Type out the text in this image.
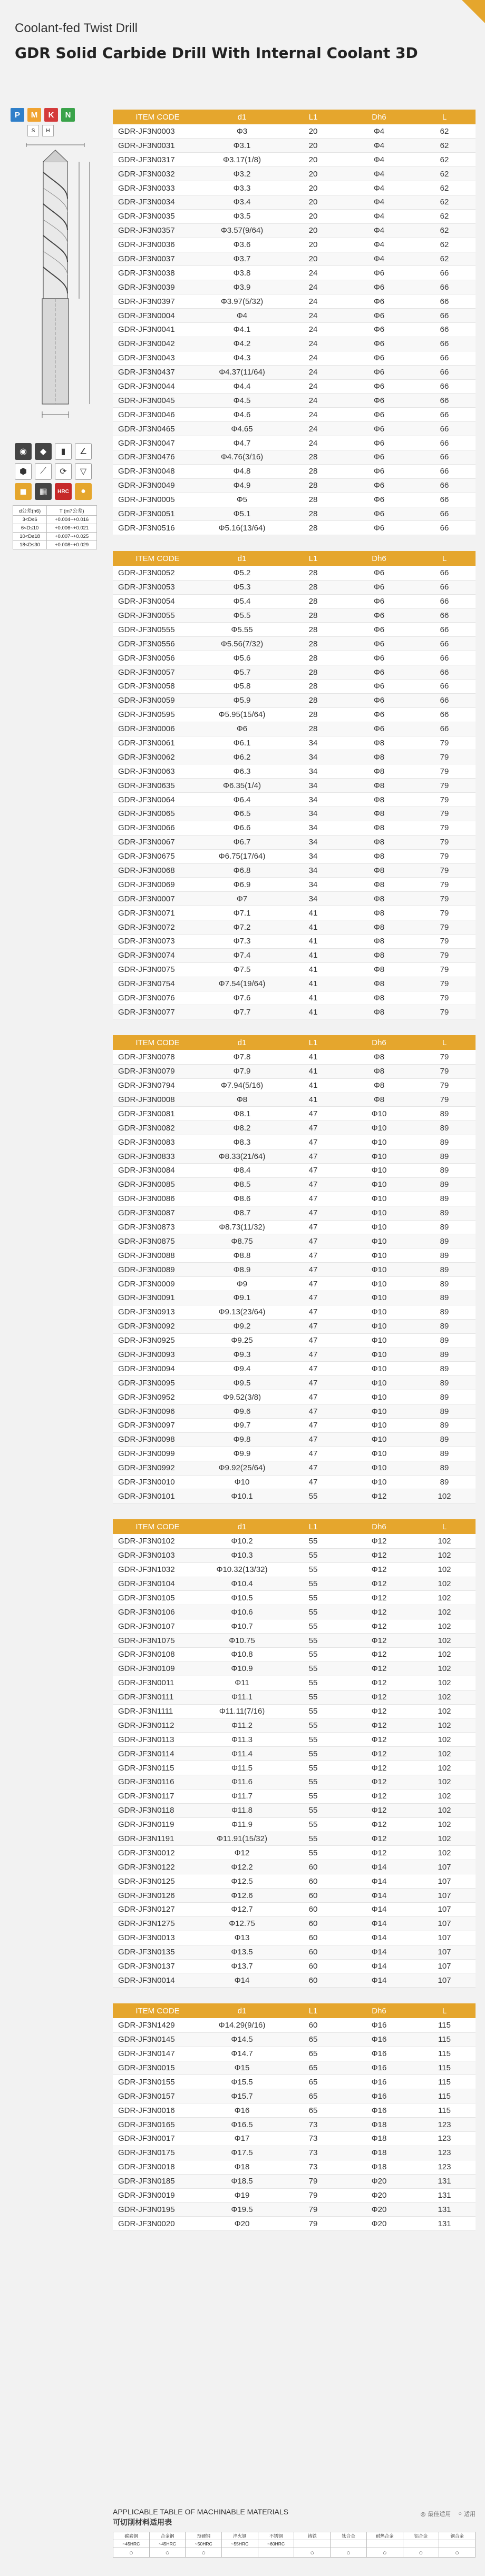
Coolant-fed Twist Drill
GDR Solid Carbide Drill With Internal Coolant 3D
P	M	K	N
S	H
◉	◆	▮	∠
⬢	⟋	⟳	▽
◼	▦	HRC	●
d公差(h6)	T (m7公差)
3<D≤6	+0.004~+0.016
6<D≤10	+0.006~+0.021
10<D≤18	+0.007~+0.025
18<D≤30	+0.008~+0.029
ITEM CODE	d1	L1	Dh6	L
GDR-JF3N0003	Φ3	20	Φ4	62
GDR-JF3N0031	Φ3.1	20	Φ4	62
GDR-JF3N0317	Φ3.17(1/8)	20	Φ4	62
GDR-JF3N0032	Φ3.2	20	Φ4	62
GDR-JF3N0033	Φ3.3	20	Φ4	62
GDR-JF3N0034	Φ3.4	20	Φ4	62
GDR-JF3N0035	Φ3.5	20	Φ4	62
GDR-JF3N0357	Φ3.57(9/64)	20	Φ4	62
GDR-JF3N0036	Φ3.6	20	Φ4	62
GDR-JF3N0037	Φ3.7	20	Φ4	62
GDR-JF3N0038	Φ3.8	24	Φ6	66
GDR-JF3N0039	Φ3.9	24	Φ6	66
GDR-JF3N0397	Φ3.97(5/32)	24	Φ6	66
GDR-JF3N0004	Φ4	24	Φ6	66
GDR-JF3N0041	Φ4.1	24	Φ6	66
GDR-JF3N0042	Φ4.2	24	Φ6	66
GDR-JF3N0043	Φ4.3	24	Φ6	66
GDR-JF3N0437	Φ4.37(11/64)	24	Φ6	66
GDR-JF3N0044	Φ4.4	24	Φ6	66
GDR-JF3N0045	Φ4.5	24	Φ6	66
GDR-JF3N0046	Φ4.6	24	Φ6	66
GDR-JF3N0465	Φ4.65	24	Φ6	66
GDR-JF3N0047	Φ4.7	24	Φ6	66
GDR-JF3N0476	Φ4.76(3/16)	28	Φ6	66
GDR-JF3N0048	Φ4.8	28	Φ6	66
GDR-JF3N0049	Φ4.9	28	Φ6	66
GDR-JF3N0005	Φ5	28	Φ6	66
GDR-JF3N0051	Φ5.1	28	Φ6	66
GDR-JF3N0516	Φ5.16(13/64)	28	Φ6	66
ITEM CODE	d1	L1	Dh6	L
GDR-JF3N0052	Φ5.2	28	Φ6	66
GDR-JF3N0053	Φ5.3	28	Φ6	66
GDR-JF3N0054	Φ5.4	28	Φ6	66
GDR-JF3N0055	Φ5.5	28	Φ6	66
GDR-JF3N0555	Φ5.55	28	Φ6	66
GDR-JF3N0556	Φ5.56(7/32)	28	Φ6	66
GDR-JF3N0056	Φ5.6	28	Φ6	66
GDR-JF3N0057	Φ5.7	28	Φ6	66
GDR-JF3N0058	Φ5.8	28	Φ6	66
GDR-JF3N0059	Φ5.9	28	Φ6	66
GDR-JF3N0595	Φ5.95(15/64)	28	Φ6	66
GDR-JF3N0006	Φ6	28	Φ6	66
GDR-JF3N0061	Φ6.1	34	Φ8	79
GDR-JF3N0062	Φ6.2	34	Φ8	79
GDR-JF3N0063	Φ6.3	34	Φ8	79
GDR-JF3N0635	Φ6.35(1/4)	34	Φ8	79
GDR-JF3N0064	Φ6.4	34	Φ8	79
GDR-JF3N0065	Φ6.5	34	Φ8	79
GDR-JF3N0066	Φ6.6	34	Φ8	79
GDR-JF3N0067	Φ6.7	34	Φ8	79
GDR-JF3N0675	Φ6.75(17/64)	34	Φ8	79
GDR-JF3N0068	Φ6.8	34	Φ8	79
GDR-JF3N0069	Φ6.9	34	Φ8	79
GDR-JF3N0007	Φ7	34	Φ8	79
GDR-JF3N0071	Φ7.1	41	Φ8	79
GDR-JF3N0072	Φ7.2	41	Φ8	79
GDR-JF3N0073	Φ7.3	41	Φ8	79
GDR-JF3N0074	Φ7.4	41	Φ8	79
GDR-JF3N0075	Φ7.5	41	Φ8	79
GDR-JF3N0754	Φ7.54(19/64)	41	Φ8	79
GDR-JF3N0076	Φ7.6	41	Φ8	79
GDR-JF3N0077	Φ7.7	41	Φ8	79
ITEM CODE	d1	L1	Dh6	L
GDR-JF3N0078	Φ7.8	41	Φ8	79
GDR-JF3N0079	Φ7.9	41	Φ8	79
GDR-JF3N0794	Φ7.94(5/16)	41	Φ8	79
GDR-JF3N0008	Φ8	41	Φ8	79
GDR-JF3N0081	Φ8.1	47	Φ10	89
GDR-JF3N0082	Φ8.2	47	Φ10	89
GDR-JF3N0083	Φ8.3	47	Φ10	89
GDR-JF3N0833	Φ8.33(21/64)	47	Φ10	89
GDR-JF3N0084	Φ8.4	47	Φ10	89
GDR-JF3N0085	Φ8.5	47	Φ10	89
GDR-JF3N0086	Φ8.6	47	Φ10	89
GDR-JF3N0087	Φ8.7	47	Φ10	89
GDR-JF3N0873	Φ8.73(11/32)	47	Φ10	89
GDR-JF3N0875	Φ8.75	47	Φ10	89
GDR-JF3N0088	Φ8.8	47	Φ10	89
GDR-JF3N0089	Φ8.9	47	Φ10	89
GDR-JF3N0009	Φ9	47	Φ10	89
GDR-JF3N0091	Φ9.1	47	Φ10	89
GDR-JF3N0913	Φ9.13(23/64)	47	Φ10	89
GDR-JF3N0092	Φ9.2	47	Φ10	89
GDR-JF3N0925	Φ9.25	47	Φ10	89
GDR-JF3N0093	Φ9.3	47	Φ10	89
GDR-JF3N0094	Φ9.4	47	Φ10	89
GDR-JF3N0095	Φ9.5	47	Φ10	89
GDR-JF3N0952	Φ9.52(3/8)	47	Φ10	89
GDR-JF3N0096	Φ9.6	47	Φ10	89
GDR-JF3N0097	Φ9.7	47	Φ10	89
GDR-JF3N0098	Φ9.8	47	Φ10	89
GDR-JF3N0099	Φ9.9	47	Φ10	89
GDR-JF3N0992	Φ9.92(25/64)	47	Φ10	89
GDR-JF3N0010	Φ10	47	Φ10	89
GDR-JF3N0101	Φ10.1	55	Φ12	102
ITEM CODE	d1	L1	Dh6	L
GDR-JF3N0102	Φ10.2	55	Φ12	102
GDR-JF3N0103	Φ10.3	55	Φ12	102
GDR-JF3N1032	Φ10.32(13/32)	55	Φ12	102
GDR-JF3N0104	Φ10.4	55	Φ12	102
GDR-JF3N0105	Φ10.5	55	Φ12	102
GDR-JF3N0106	Φ10.6	55	Φ12	102
GDR-JF3N0107	Φ10.7	55	Φ12	102
GDR-JF3N1075	Φ10.75	55	Φ12	102
GDR-JF3N0108	Φ10.8	55	Φ12	102
GDR-JF3N0109	Φ10.9	55	Φ12	102
GDR-JF3N0011	Φ11	55	Φ12	102
GDR-JF3N0111	Φ11.1	55	Φ12	102
GDR-JF3N1111	Φ11.11(7/16)	55	Φ12	102
GDR-JF3N0112	Φ11.2	55	Φ12	102
GDR-JF3N0113	Φ11.3	55	Φ12	102
GDR-JF3N0114	Φ11.4	55	Φ12	102
GDR-JF3N0115	Φ11.5	55	Φ12	102
GDR-JF3N0116	Φ11.6	55	Φ12	102
GDR-JF3N0117	Φ11.7	55	Φ12	102
GDR-JF3N0118	Φ11.8	55	Φ12	102
GDR-JF3N0119	Φ11.9	55	Φ12	102
GDR-JF3N1191	Φ11.91(15/32)	55	Φ12	102
GDR-JF3N0012	Φ12	55	Φ12	102
GDR-JF3N0122	Φ12.2	60	Φ14	107
GDR-JF3N0125	Φ12.5	60	Φ14	107
GDR-JF3N0126	Φ12.6	60	Φ14	107
GDR-JF3N0127	Φ12.7	60	Φ14	107
GDR-JF3N1275	Φ12.75	60	Φ14	107
GDR-JF3N0013	Φ13	60	Φ14	107
GDR-JF3N0135	Φ13.5	60	Φ14	107
GDR-JF3N0137	Φ13.7	60	Φ14	107
GDR-JF3N0014	Φ14	60	Φ14	107
ITEM CODE	d1	L1	Dh6	L
GDR-JF3N1429	Φ14.29(9/16)	60	Φ16	115
GDR-JF3N0145	Φ14.5	65	Φ16	115
GDR-JF3N0147	Φ14.7	65	Φ16	115
GDR-JF3N0015	Φ15	65	Φ16	115
GDR-JF3N0155	Φ15.5	65	Φ16	115
GDR-JF3N0157	Φ15.7	65	Φ16	115
GDR-JF3N0016	Φ16	65	Φ16	115
GDR-JF3N0165	Φ16.5	73	Φ18	123
GDR-JF3N0017	Φ17	73	Φ18	123
GDR-JF3N0175	Φ17.5	73	Φ18	123
GDR-JF3N0018	Φ18	73	Φ18	123
GDR-JF3N0185	Φ18.5	79	Φ20	131
GDR-JF3N0019	Φ19	79	Φ20	131
GDR-JF3N0195	Φ19.5	79	Φ20	131
GDR-JF3N0020	Φ20	79	Φ20	131
APPLICABLE TABLE OF MACHINABLE MATERIALS
可切削材料适用表
◎ 最佳适用 ○ 适用
碳素钢	合金钢	预硬钢	淬火钢	不锈钢	铸铁	钛合金	耐热合金	铝合金	铜合金
~45HRC	~45HRC	~50HRC	~55HRC	~60HRC					
○	○	○			○	○	○	○	○
